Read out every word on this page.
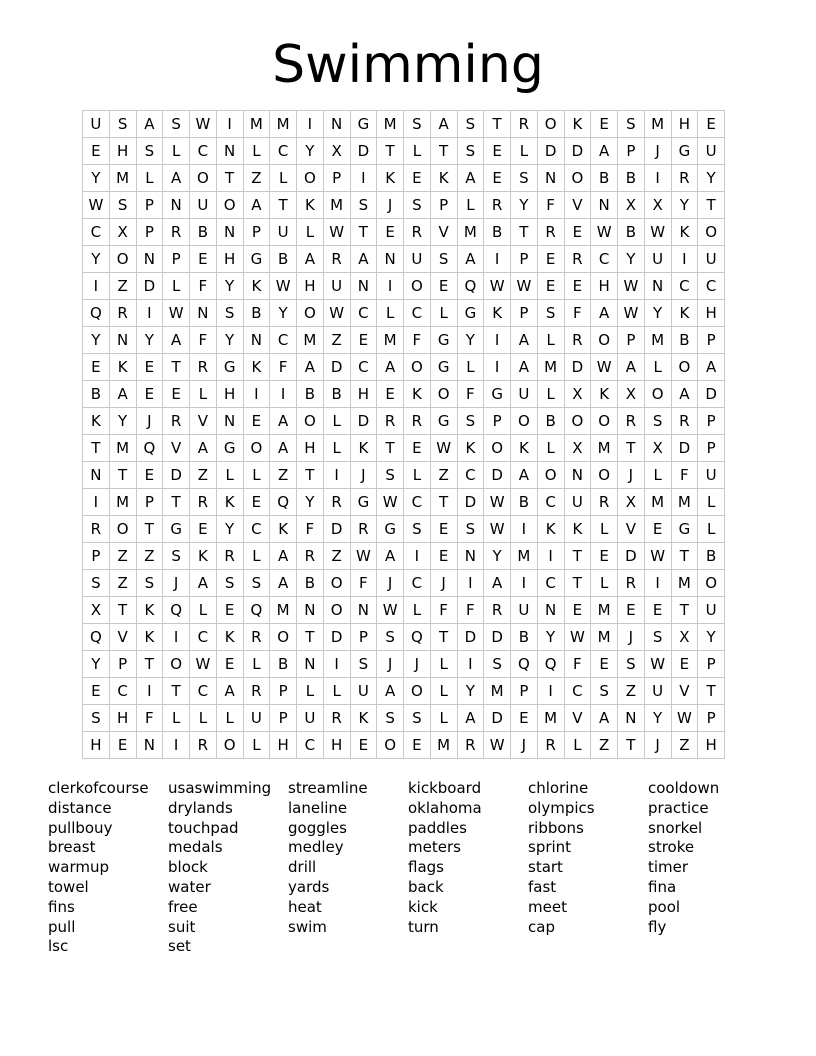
Swimming
U	S	A	S	W	I	M	M	I	N	G	M	S	A	S	T	R	O	K	E	S	M	H	E
E	H	S	L	C	N	L	C	Y	X	D	T	L	T	S	E	L	D	D	A	P	J	G	U
Y	M	L	A	O	T	Z	L	O	P	I	K	E	K	A	E	S	N	O	B	B	I	R	Y
W	S	P	N	U	O	A	T	K	M	S	J	S	P	L	R	Y	F	V	N	X	X	Y	T
C	X	P	R	B	N	P	U	L	W	T	E	R	V	M	B	T	R	E	W	B	W	K	O
Y	O	N	P	E	H	G	B	A	R	A	N	U	S	A	I	P	E	R	C	Y	U	I	U
I	Z	D	L	F	Y	K	W	H	U	N	I	O	E	Q	W	W	E	E	H	W	N	C	C
Q	R	I	W	N	S	B	Y	O	W	C	L	C	L	G	K	P	S	F	A	W	Y	K	H
Y	N	Y	A	F	Y	N	C	M	Z	E	M	F	G	Y	I	A	L	R	O	P	M	B	P
E	K	E	T	R	G	K	F	A	D	C	A	O	G	L	I	A	M	D	W	A	L	O	A
B	A	E	E	L	H	I	I	B	B	H	E	K	O	F	G	U	L	X	K	X	O	A	D
K	Y	J	R	V	N	E	A	O	L	D	R	R	G	S	P	O	B	O	O	R	S	R	P
T	M	Q	V	A	G	O	A	H	L	K	T	E	W	K	O	K	L	X	M	T	X	D	P
N	T	E	D	Z	L	L	Z	T	I	J	S	L	Z	C	D	A	O	N	O	J	L	F	U
I	M	P	T	R	K	E	Q	Y	R	G	W	C	T	D	W	B	C	U	R	X	M	M	L
R	O	T	G	E	Y	C	K	F	D	R	G	S	E	S	W	I	K	K	L	V	E	G	L
P	Z	Z	S	K	R	L	A	R	Z	W	A	I	E	N	Y	M	I	T	E	D	W	T	B
S	Z	S	J	A	S	S	A	B	O	F	J	C	J	I	A	I	C	T	L	R	I	M	O
X	T	K	Q	L	E	Q	M	N	O	N	W	L	F	F	R	U	N	E	M	E	E	T	U
Q	V	K	I	C	K	R	O	T	D	P	S	Q	T	D	D	B	Y	W	M	J	S	X	Y
Y	P	T	O	W	E	L	B	N	I	S	J	J	L	I	S	Q	Q	F	E	S	W	E	P
E	C	I	T	C	A	R	P	L	L	U	A	O	L	Y	M	P	I	C	S	Z	U	V	T
S	H	F	L	L	L	U	P	U	R	K	S	S	L	A	D	E	M	V	A	N	Y	W	P
H	E	N	I	R	O	L	H	C	H	E	O	E	M	R	W	J	R	L	Z	T	J	Z	H
clerkofcourse
distance
pullbouy
breast
warmup
towel
fins
pull
lsc
usaswimming
drylands
touchpad
medals
block
water
free
suit
set
streamline
laneline
goggles
medley
drill
yards
heat
swim
kickboard
oklahoma
paddles
meters
flags
back
kick
turn
chlorine
olympics
ribbons
sprint
start
fast
meet
cap
cooldown
practice
snorkel
stroke
timer
fina
pool
fly
